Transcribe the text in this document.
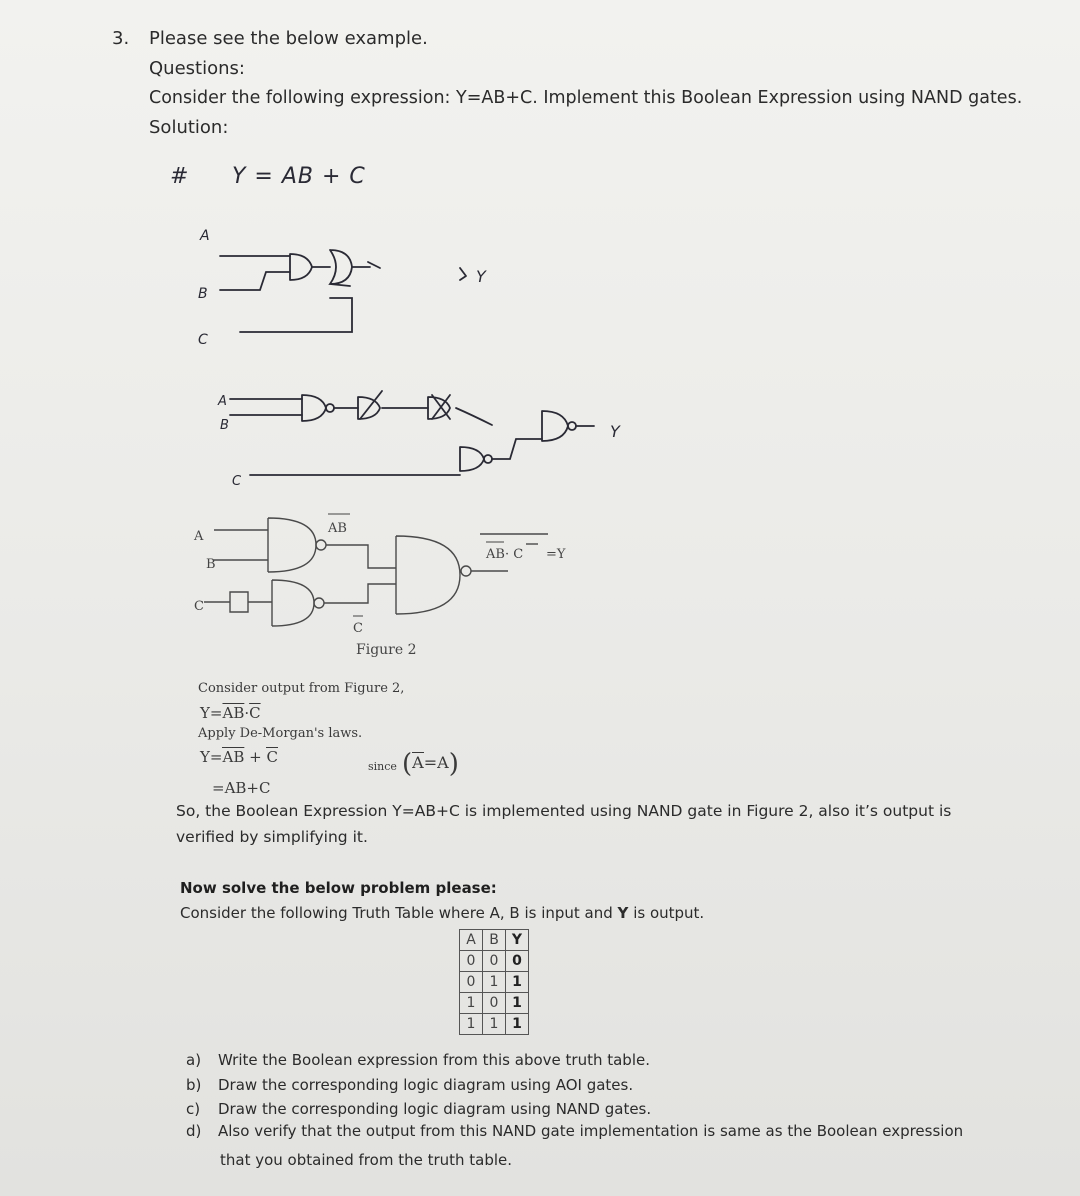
3. Please see the below example.
Questions:
Consider the following expression: Y=AB+C. Implement this Boolean Expression using NAND gates.
Solution:
# Y = AB + C
A
B
C
Y
A
B
C
Y
A
B
C
AB
C
AB· C =Y
Figure 2
Consider output from Figure 2,
$Y=\overline{AB}\cdot\overline{C}$
Apply De-Morgan's laws.
$Y=\overline{AB} + \overline{C}$
since $(\overline{A}=A)$
=AB+C
So, the Boolean Expression Y=AB+C is implemented using NAND gate in Figure 2, also it’s output is
verified by simplifying it.
Now solve the below problem please:
Consider the following Truth Table where A, B is input and Y is output.
A	B	Y
0	0	0
0	1	1
1	0	1
1	1	1
a) Write the Boolean expression from this above truth table.
b) Draw the corresponding logic diagram using AOI gates.
c) Draw the corresponding logic diagram using NAND gates.
d) Also verify that the output from this NAND gate implementation is same as the Boolean expression
that you obtained from the truth table.
